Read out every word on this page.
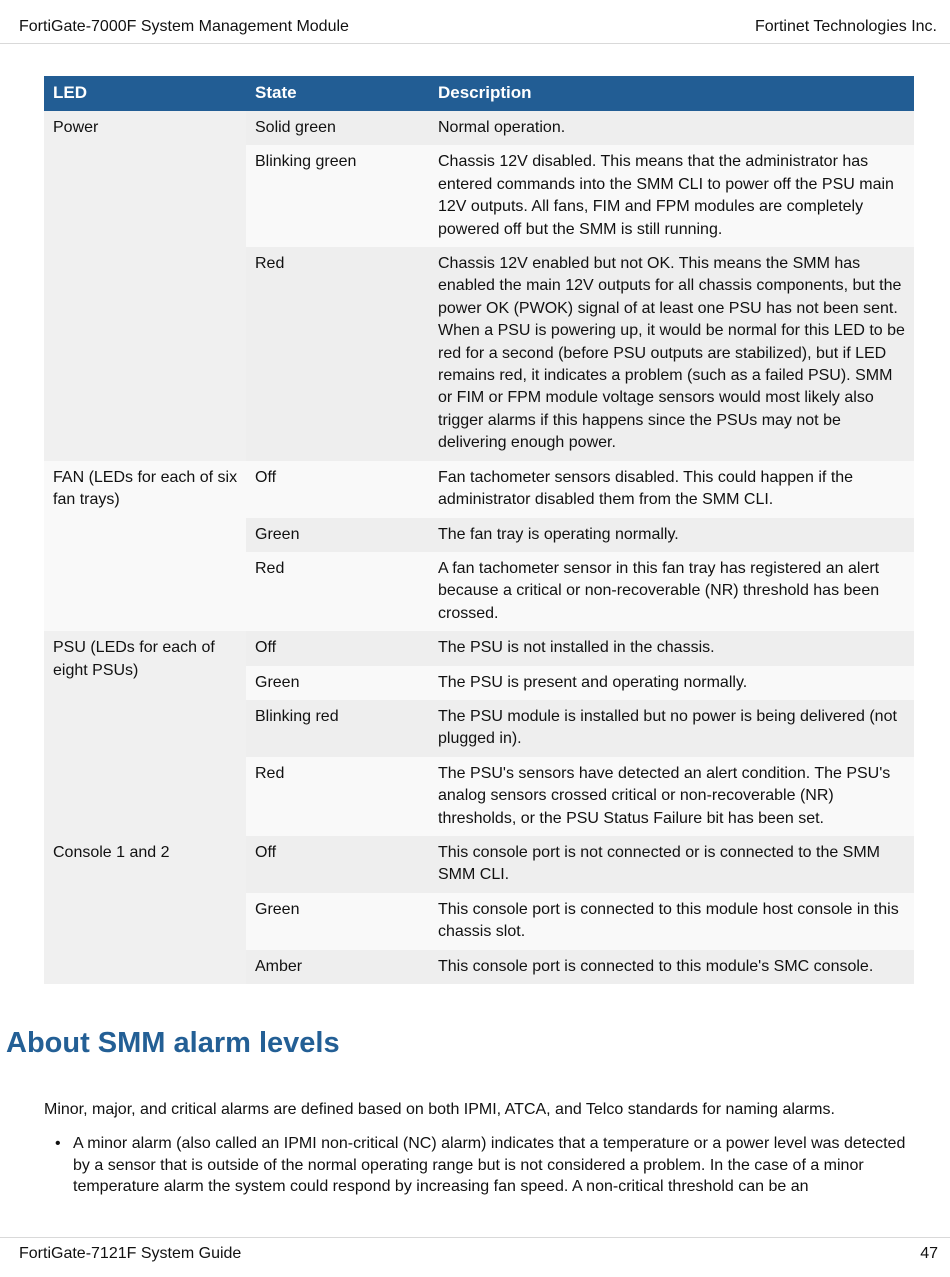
FortiGate-7000F System Management Module	Fortinet Technologies Inc.
LED	State	Description
Power	Solid green	Normal operation.
	Blinking green	Chassis 12V disabled. This means that the administrator has entered commands into the SMM CLI to power off the PSU main 12V outputs. All fans, FIM and FPM modules are completely powered off but the SMM is still running.
	Red	Chassis 12V enabled but not OK. This means the SMM has enabled the main 12V outputs for all chassis components, but the power OK (PWOK) signal of at least one PSU has not been sent. When a PSU is powering up, it would be normal for this LED to be red for a second (before PSU outputs are stabilized), but if LED remains red, it indicates a problem (such as a failed PSU). SMM or FIM or FPM module voltage sensors would most likely also trigger alarms if this happens since the PSUs may not be delivering enough power.
FAN (LEDs for each of six fan trays)	Off	Fan tachometer sensors disabled. This could happen if the administrator disabled them from the SMM CLI.
	Green	The fan tray is operating normally.
	Red	A fan tachometer sensor in this fan tray has registered an alert because a critical or non-recoverable (NR) threshold has been crossed.
PSU (LEDs for each of eight PSUs)	Off	The PSU is not installed in the chassis.
	Green	The PSU is present and operating normally.
	Blinking red	The PSU module is installed but no power is being delivered (not plugged in).
	Red	The PSU's sensors have detected an alert condition. The PSU's analog sensors crossed critical or non-recoverable (NR) thresholds, or the PSU Status Failure bit has been set.
Console 1 and 2	Off	This console port is not connected or is connected to the SMM SMM CLI.
	Green	This console port is connected to this module host console in this chassis slot.
	Amber	This console port is connected to this module's SMC console.
About SMM alarm levels

Minor, major, and critical alarms are defined based on both IPMI, ATCA, and Telco standards for naming alarms.

• A minor alarm (also called an IPMI non-critical (NC) alarm) indicates that a temperature or a power level was detected by a sensor that is outside of the normal operating range but is not considered a problem. In the case of a minor temperature alarm the system could respond by increasing fan speed. A non-critical threshold can be an
FortiGate-7121F System Guide	47
